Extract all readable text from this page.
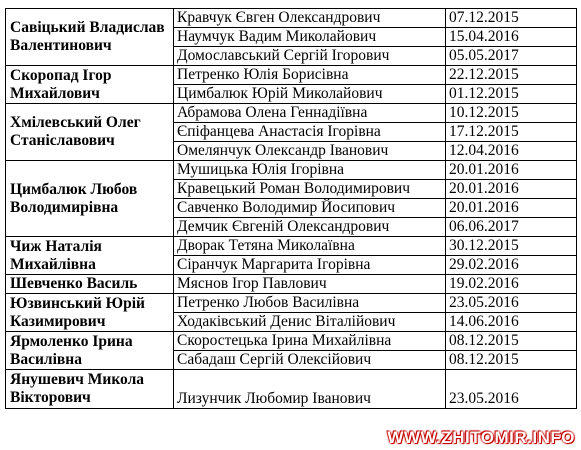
Савіцький Владислав Валентинович	Кравчук Євген Олександрович	07.12.2015
	Наумчук Вадим Миколайович	15.04.2016
	Домославський Сергій Ігорович	05.05.2017
Скоропад Ігор Михайлович	Петренко Юлія Борисівна	22.12.2015
	Цимбалюк Юрій Миколайович	01.12.2015
Хмілевський Олег Станіславович	Абрамова Олена Геннадіївна	10.12.2015
	Єпіфанцева Анастасія Ігорівна	17.12.2015
	Омелянчук Олександр Іванович	12.04.2016
Цимбалюк Любов Володимирівна	Мушицька Юлія Ігорівна	20.01.2016
	Кравецький Роман Володимирович	20.01.2016
	Савченко Володимир Йосипович	20.01.2016
	Демчик Євгеній Олександрович	06.06.2017
Чиж Наталія Михайлівна	Дворак Тетяна Миколаївна	30.12.2015
	Сіранчук Маргарита Ігорівна	29.02.2016
Шевченко Василь	Мяснов Ігор Павлович	19.02.2016
Юзвинський Юрій Казимирович	Петренко Любов Василівна	23.05.2016
	Ходаківський Денис Віталійович	14.06.2016
Ярмоленко Ірина Василівна	Скоростецька Ірина Михайлівна	08.12.2015
	Сабадаш Сергій Олексійович	08.12.2015
Янушевич Микола Вікторович	Лизунчик Любомир Іванович	23.05.2016
WWW.ZHITOMIR.INFO
